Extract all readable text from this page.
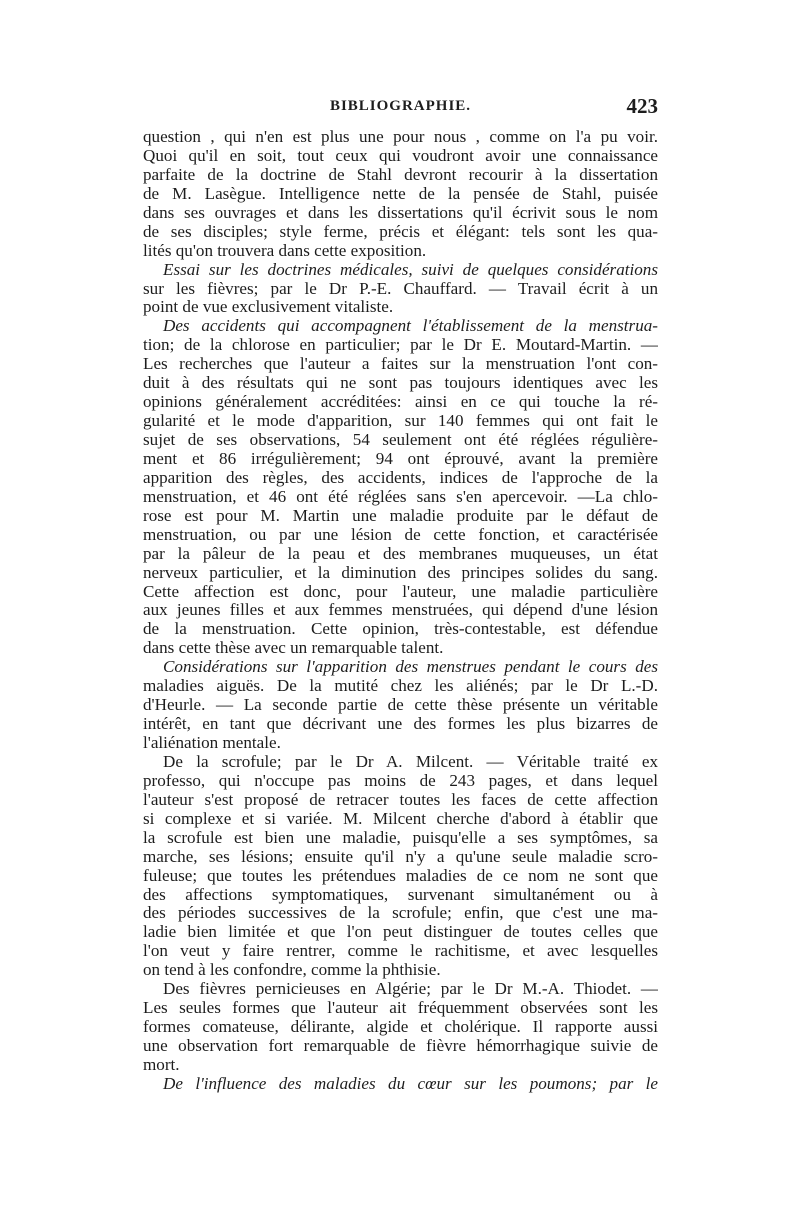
BIBLIOGRAPHIE.	423
question , qui n'en est plus une pour nous , comme on l'a pu voir.
Quoi qu'il en soit, tout ceux qui voudront avoir une connaissance
parfaite de la doctrine de Stahl devront recourir à la dissertation
de M. Lasègue. Intelligence nette de la pensée de Stahl, puisée
dans ses ouvrages et dans les dissertations qu'il écrivit sous le nom
de ses disciples; style ferme, précis et élégant: tels sont les qua-
lités qu'on trouvera dans cette exposition.
Essai sur les doctrines médicales, suivi de quelques considérations
sur les fièvres; par le Dr P.-E. Chauffard. — Travail écrit à un
point de vue exclusivement vitaliste.
Des accidents qui accompagnent l'établissement de la menstrua-
tion; de la chlorose en particulier; par le Dr E. Moutard-Martin. —
Les recherches que l'auteur a faites sur la menstruation l'ont con-
duit à des résultats qui ne sont pas toujours identiques avec les
opinions généralement accréditées: ainsi en ce qui touche la ré-
gularité et le mode d'apparition, sur 140 femmes qui ont fait le
sujet de ses observations, 54 seulement ont été réglées régulière-
ment et 86 irrégulièrement; 94 ont éprouvé, avant la première
apparition des règles, des accidents, indices de l'approche de la
menstruation, et 46 ont été réglées sans s'en apercevoir. —La chlo-
rose est pour M. Martin une maladie produite par le défaut de
menstruation, ou par une lésion de cette fonction, et caractérisée
par la pâleur de la peau et des membranes muqueuses, un état
nerveux particulier, et la diminution des principes solides du sang.
Cette affection est donc, pour l'auteur, une maladie particulière
aux jeunes filles et aux femmes menstruées, qui dépend d'une lésion
de la menstruation. Cette opinion, très-contestable, est défendue
dans cette thèse avec un remarquable talent.
Considérations sur l'apparition des menstrues pendant le cours des
maladies aiguës. De la mutité chez les aliénés; par le Dr L.-D.
d'Heurle. — La seconde partie de cette thèse présente un véritable
intérêt, en tant que décrivant une des formes les plus bizarres de
l'aliénation mentale.
De la scrofule; par le Dr A. Milcent. — Véritable traité ex
professo, qui n'occupe pas moins de 243 pages, et dans lequel
l'auteur s'est proposé de retracer toutes les faces de cette affection
si complexe et si variée. M. Milcent cherche d'abord à établir que
la scrofule est bien une maladie, puisqu'elle a ses symptômes, sa
marche, ses lésions; ensuite qu'il n'y a qu'une seule maladie scro-
fuleuse; que toutes les prétendues maladies de ce nom ne sont que
des affections symptomatiques, survenant simultanément ou à
des périodes successives de la scrofule; enfin, que c'est une ma-
ladie bien limitée et que l'on peut distinguer de toutes celles que
l'on veut y faire rentrer, comme le rachitisme, et avec lesquelles
on tend à les confondre, comme la phthisie.
Des fièvres pernicieuses en Algérie; par le Dr M.-A. Thiodet. —
Les seules formes que l'auteur ait fréquemment observées sont les
formes comateuse, délirante, algide et cholérique. Il rapporte aussi
une observation fort remarquable de fièvre hémorrhagique suivie de
mort.
De l'influence des maladies du cœur sur les poumons; par le
